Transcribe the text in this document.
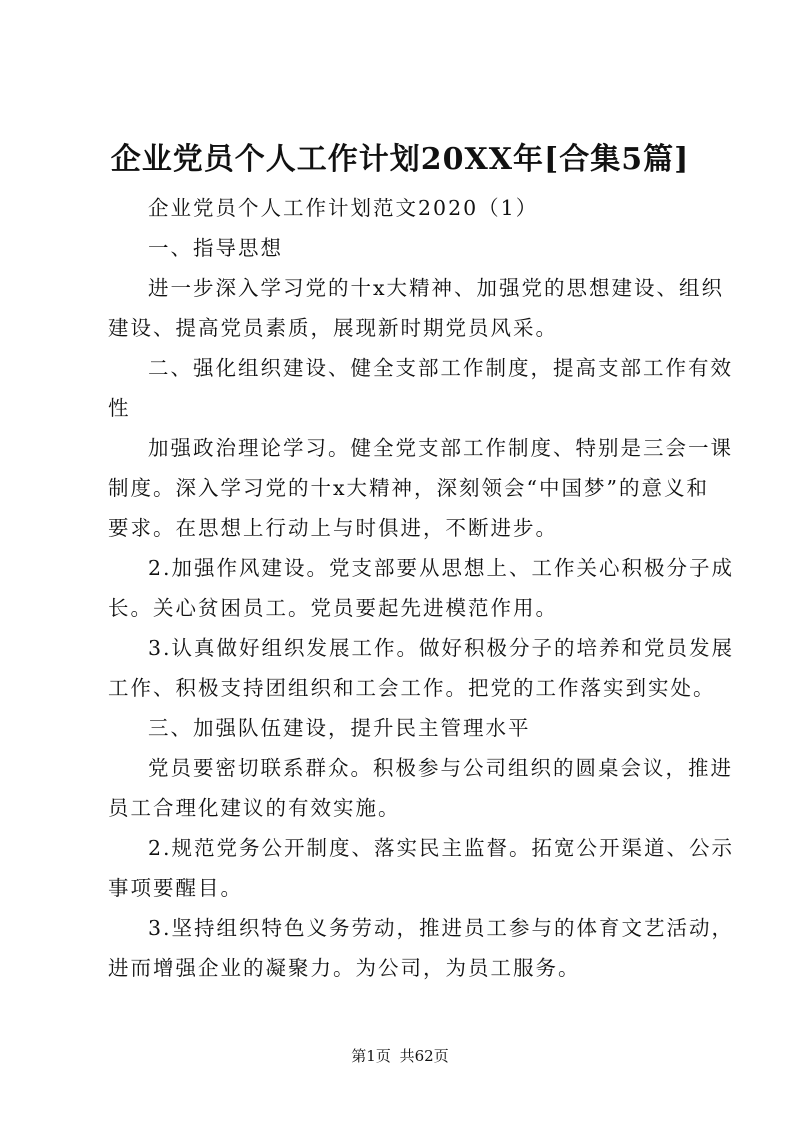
企业党员个人工作计划20XX年[合集5篇]
企业党员个人工作计划范文2020（1）
一、指导思想
进一步深入学习党的十x大精神、加强党的思想建设、组织
建设、提高党员素质，展现新时期党员风采。
二、强化组织建设、健全支部工作制度，提高支部工作有效
性
加强政治理论学习。健全党支部工作制度、特别是三会一课
制度。深入学习党的十x大精神，深刻领会“中国梦”的意义和
要求。在思想上行动上与时俱进，不断进步。
2.加强作风建设。党支部要从思想上、工作关心积极分子成
长。关心贫困员工。党员要起先进模范作用。
3.认真做好组织发展工作。做好积极分子的培养和党员发展
工作、积极支持团组织和工会工作。把党的工作落实到实处。
三、加强队伍建设，提升民主管理水平
党员要密切联系群众。积极参与公司组织的圆桌会议，推进
员工合理化建议的有效实施。
2.规范党务公开制度、落实民主监督。拓宽公开渠道、公示
事项要醒目。
3.坚持组织特色义务劳动，推进员工参与的体育文艺活动，
进而增强企业的凝聚力。为公司，为员工服务。
第1页 共62页
